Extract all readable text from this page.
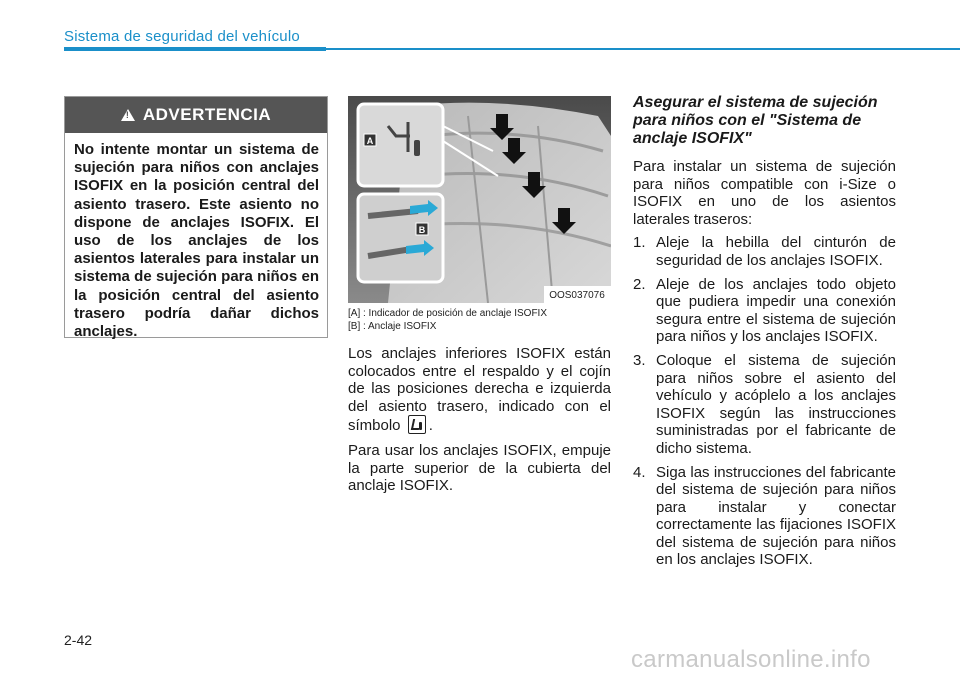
Sistema de seguridad del vehículo
!
ADVERTENCIA
No intente montar un sistema de sujeción para niños con anclajes ISOFIX en la posición central del asiento trasero. Este asiento no dispone de anclajes ISOFIX. El uso de los anclajes de los asientos laterales para instalar un sistema de sujeción para niños en la posición central del asiento trasero podría dañar dichos anclajes.
A
B
OOS037076
[A] : Indicador de posición de anclaje ISOFIX
[B] : Anclaje ISOFIX

Los anclajes inferiores ISOFIX están colocados entre el respaldo y el cojín de las posiciones derecha e izquierda del asiento trasero, indicado con el símbolo .

Para usar los anclajes ISOFIX, empuje la parte superior de la cubierta del anclaje ISOFIX.

Asegurar el sistema de sujeción para niños con el "Sistema de anclaje ISOFIX"

Para instalar un sistema de sujeción para niños compatible con i-Size o ISOFIX en uno de los asientos laterales traseros:

1. Aleje la hebilla del cinturón de seguridad de los anclajes ISOFIX.
2. Aleje de los anclajes todo objeto que pudiera impedir una conexión segura entre el sistema de sujeción para niños y los anclajes ISOFIX.
3. Coloque el sistema de sujeción para niños sobre el asiento del vehículo y acóplelo a los anclajes ISOFIX según las instrucciones suministradas por el fabricante de dicho sistema.
4. Siga las instrucciones del fabricante del sistema de sujeción para niños para instalar y conectar correctamente las fijaciones ISOFIX del sistema de sujeción para niños en los anclajes ISOFIX.
2-42
carmanualsonline.info
